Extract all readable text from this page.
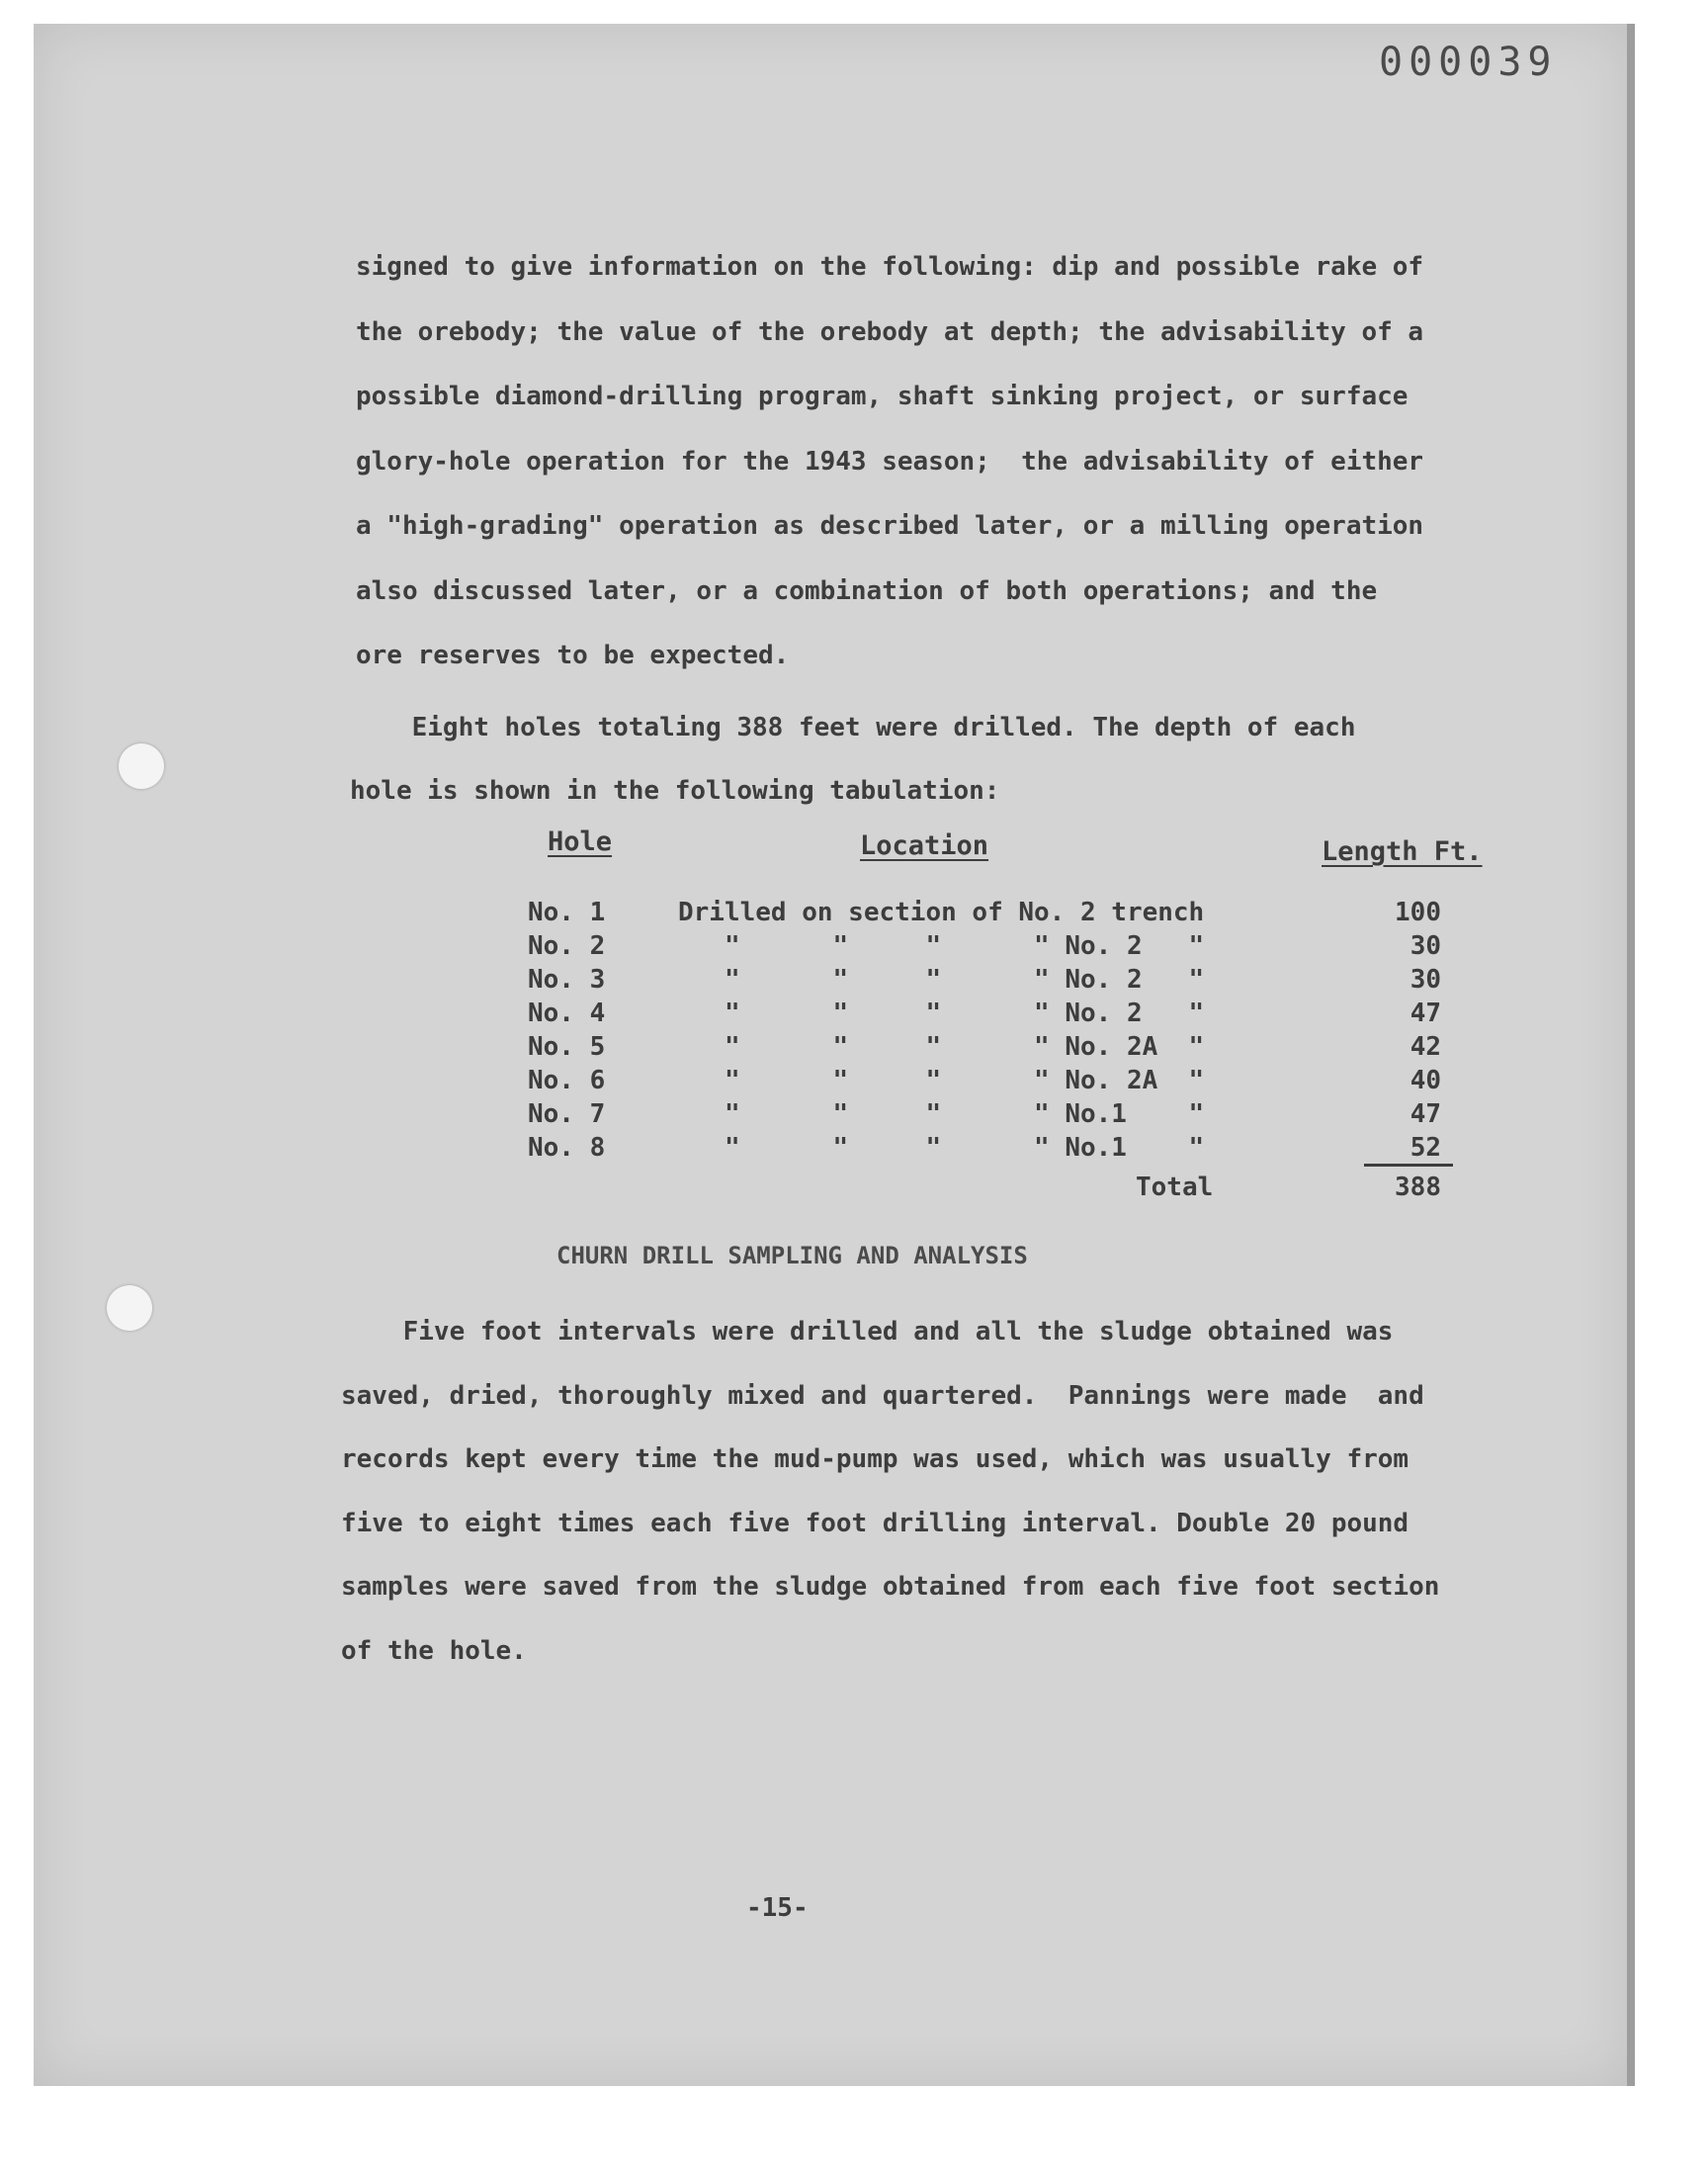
000039

signed to give information on the following: dip and possible rake of
the orebody; the value of the orebody at depth; the advisability of a
possible diamond-drilling program, shaft sinking project, or surface
glory-hole operation for the 1943 season;  the advisability of either
a "high-grading" operation as described later, or a milling operation
also discussed later, or a combination of both operations; and the
ore reserves to be expected.
Eight holes totaling 388 feet were drilled. The depth of each
hole is shown in the following tabulation:

Hole	Location	Length Ft.

No. 1	Drilled on section of No. 2 trench	100
No. 2	"      "     "      " No. 2   "	30
No. 3	"      "     "      " No. 2   "	30
No. 4	"      "     "      " No. 2   "	47
No. 5	"      "     "      " No. 2A  "	42
No. 6	"      "     "      " No. 2A  "	40
No. 7	"      "     "      " No.1    "	47
No. 8	"      "     "      " No.1    "	52
Total	388

CHURN DRILL SAMPLING AND ANALYSIS

Five foot intervals were drilled and all the sludge obtained was
saved, dried, thoroughly mixed and quartered.  Pannings were made  and
records kept every time the mud-pump was used, which was usually from
five to eight times each five foot drilling interval. Double 20 pound
samples were saved from the sludge obtained from each five foot section
of the hole.

-15-
